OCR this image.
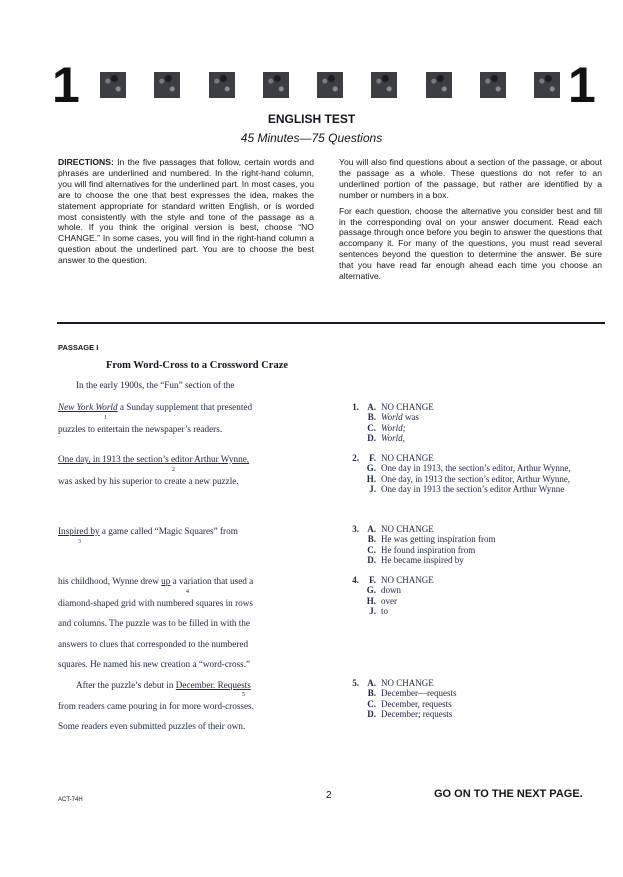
1	1
ENGLISH TEST
45 Minutes—75 Questions

DIRECTIONS: In the five passages that follow, certain words and phrases are underlined and numbered. In the right-hand column, you will find alternatives for the underlined part. In most cases, you are to choose the one that best expresses the idea, makes the statement appropriate for standard written English, or is worded most consistently with the style and tone of the passage as a whole. If you think the original version is best, choose “NO CHANGE.” In some cases, you will find in the right-hand column a question about the underlined part. You are to choose the best answer to the question.

You will also find questions about a section of the passage, or about the passage as a whole. These questions do not refer to an underlined portion of the passage, but rather are identified by a number or numbers in a box.

For each question, choose the alternative you consider best and fill in the corresponding oval on your answer document. Read each passage through once before you begin to answer the questions that accompany it. For many of the questions, you must read several sentences beyond the question to determine the answer. Be sure that you have read far enough ahead each time you choose an alternative.

PASSAGE I
From Word-Cross to a Crossword Craze
In the early 1900s, the “Fun” section of the
New York World a Sunday supplement that presented
1
puzzles to entertain the newspaper’s readers.
One day, in 1913 the section’s editor Arthur Wynne,
2
was asked by his superior to create a new puzzle.
Inspired by a game called “Magic Squares” from
3
his childhood, Wynne drew up a variation that used a
4
diamond-shaped grid with numbered squares in rows
and columns. The puzzle was to be filled in with the
answers to clues that corresponded to the numbered
squares. He named his new creation a “word-cross.”
After the puzzle’s debut in December. Requests
5
from readers came pouring in for more word-crosses.
Some readers even submitted puzzles of their own.
1. A. NO CHANGE
B. World was
C. World;
D. World,
2.	F. NO CHANGE
G. One day in 1913, the section’s editor, Arthur Wynne,
H. One day, in 1913 the section’s editor, Arthur Wynne,
J. One day in 1913 the section’s editor Arthur Wynne
3. A. NO CHANGE
B. He was getting inspiration from
C. He found inspiration from
D. He became inspired by
4.	F. NO CHANGE
G. down
H. over
J. to
5. A. NO CHANGE
B. December—requests
C. December, requests
D. December; requests
ACT-74H	2	GO ON TO THE NEXT PAGE.
